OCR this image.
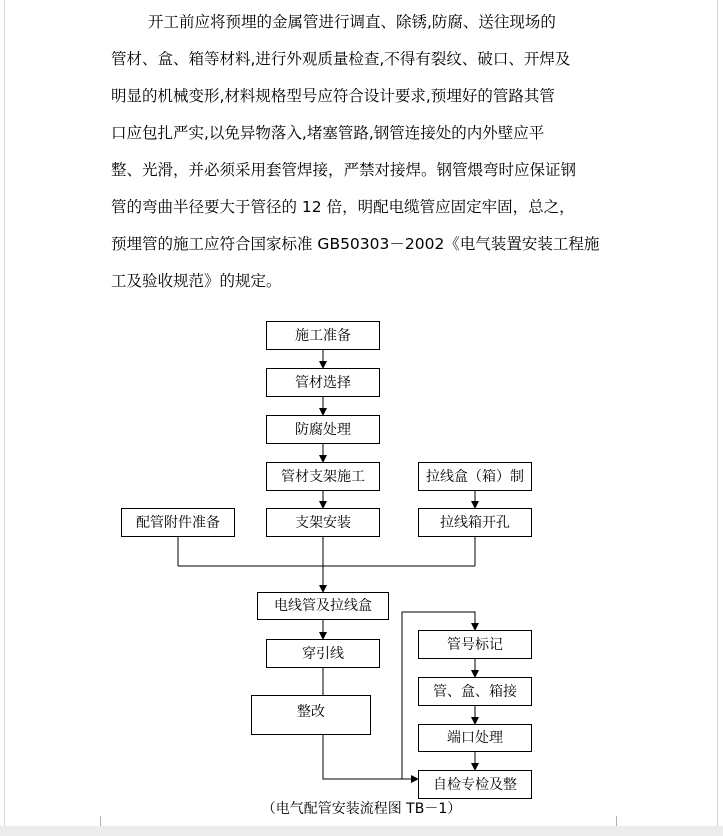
开工前应将预埋的金属管进行调直、除锈,防腐、送往现场的
管材、盒、箱等材料,进行外观质量检查,不得有裂纹、破口、开焊及
明显的机械变形,材料规格型号应符合设计要求,预埋好的管路其管
口应包扎严实,以免异物落入,堵塞管路,钢管连接处的内外壁应平
整、光滑，并必须采用套管焊接，严禁对接焊。钢管煨弯时应保证钢
管的弯曲半径要大于管径的 12 倍，明配电缆管应固定牢固，总之，
预埋管的施工应符合国家标准 GB50303－2002《电气装置安装工程施
工及验收规范》的规定。
施工准备
管材选择
防腐处理
管材支架施工	拉线盒（箱）制
配管附件准备	支架安装	拉线箱开孔
电线管及拉线盒
穿引线
整改
管号标记
管、盒、箱接
端口处理
自检专检及整
（电气配管安装流程图 TB－1）
